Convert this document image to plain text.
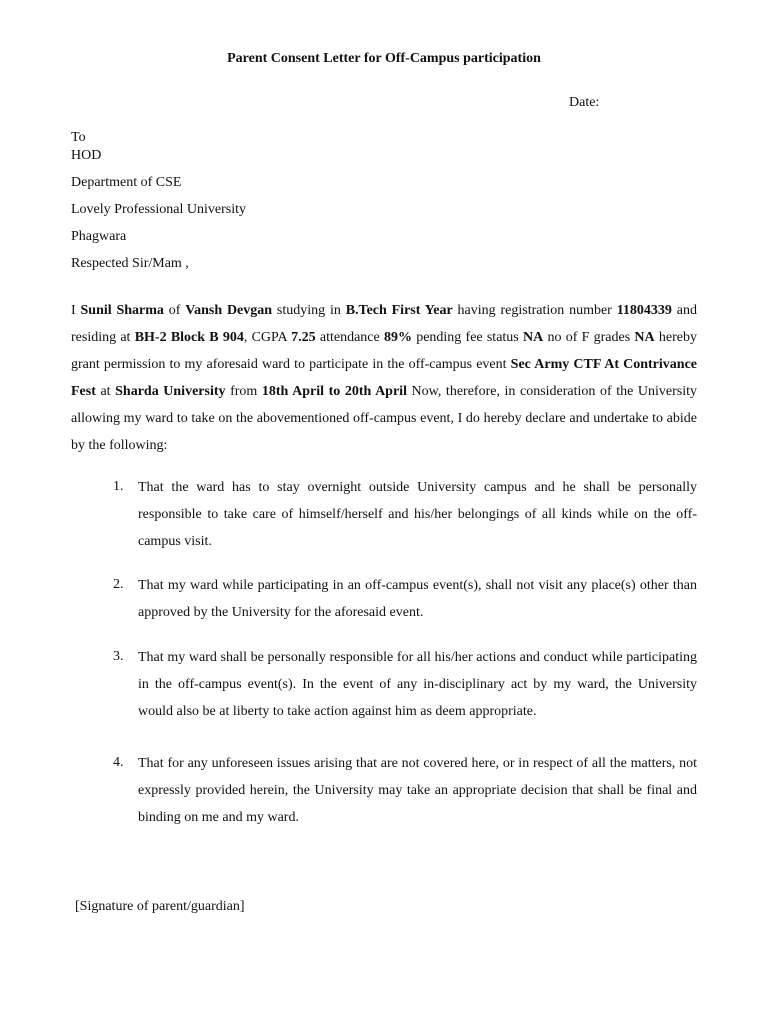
Parent Consent Letter for Off-Campus participation
Date:
To
HOD
Department of CSE
Lovely Professional University
Phagwara
Respected Sir/Mam ,
I Sunil Sharma of Vansh Devgan studying in B.Tech First Year having registration number 11804339 and residing at BH-2 Block B 904, CGPA 7.25 attendance 89% pending fee status NA no of F grades NA hereby grant permission to my aforesaid ward to participate in the off-campus event Sec Army CTF At Contrivance Fest at Sharda University from 18th April to 20th April Now, therefore, in consideration of the University allowing my ward to take on the abovementioned off-campus event, I do hereby declare and undertake to abide by the following:
1.	That the ward has to stay overnight outside University campus and he shall be personally responsible to take care of himself/herself and his/her belongings of all kinds while on the off-campus visit.
2.	That my ward while participating in an off-campus event(s), shall not visit any place(s) other than approved by the University for the aforesaid event.
3.	That my ward shall be personally responsible for all his/her actions and conduct while participating in the off-campus event(s). In the event of any in-disciplinary act by my ward, the University would also be at liberty to take action against him as deem appropriate.
4.	That for any unforeseen issues arising that are not covered here, or in respect of all the matters, not expressly provided herein, the University may take an appropriate decision that shall be final and binding on me and my ward.
[Signature of parent/guardian]
